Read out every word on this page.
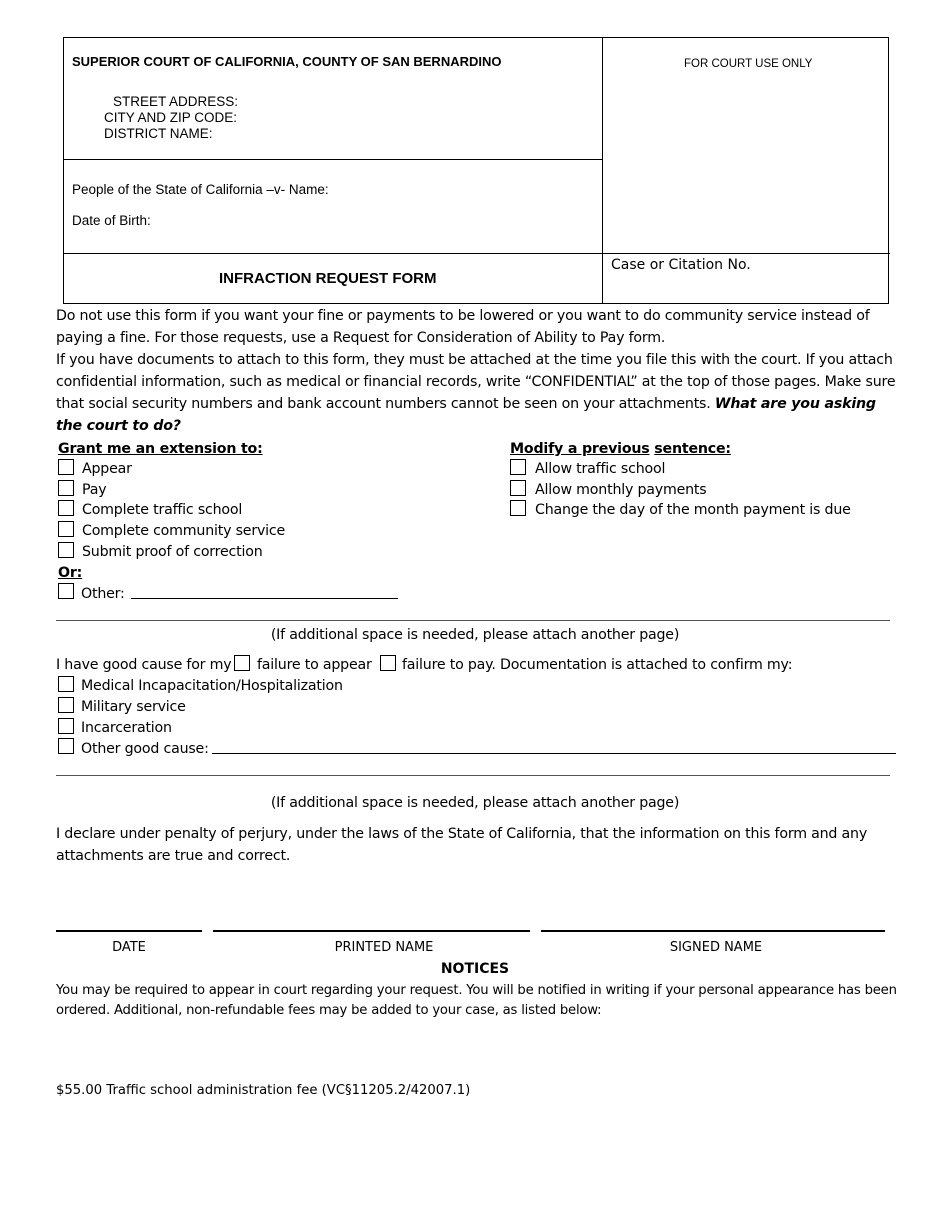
SUPERIOR COURT OF CALIFORNIA, COUNTY OF SAN BERNARDINO
STREET ADDRESS:
CITY AND ZIP CODE:
DISTRICT NAME:
FOR COURT USE ONLY
People of the State of California –v- Name:
Date of Birth:
INFRACTION REQUEST FORM
Case or Citation No.
Do not use this form if you want your fine or payments to be lowered or you want to do community service instead of paying a fine. For those requests, use a Request for Consideration of Ability to Pay form.
If you have documents to attach to this form, they must be attached at the time you file this with the court. If you attach confidential information, such as medical or financial records, write “CONFIDENTIAL” at the top of those pages. Make sure that social security numbers and bank account numbers cannot be seen on your attachments. What are you asking the court to do?
Grant me an extension to:
Appear
Pay
Complete traffic school
Complete community service
Submit proof of correction
Or:
Other:
Modify a previous sentence:
Allow traffic school
Allow monthly payments
Change the day of the month payment is due
(If additional space is needed, please attach another page)
I have good cause for my failure to appear failure to pay. Documentation is attached to confirm my:
Medical Incapacitation/Hospitalization
Military service
Incarceration
Other good cause:
(If additional space is needed, please attach another page)
I declare under penalty of perjury, under the laws of the State of California, that the information on this form and any attachments are true and correct.
DATE	PRINTED NAME	SIGNED NAME
NOTICES
You may be required to appear in court regarding your request. You will be notified in writing if your personal appearance has been ordered. Additional, non-refundable fees may be added to your case, as listed below:
$55.00 Traffic school administration fee (VC§11205.2/42007.1)
